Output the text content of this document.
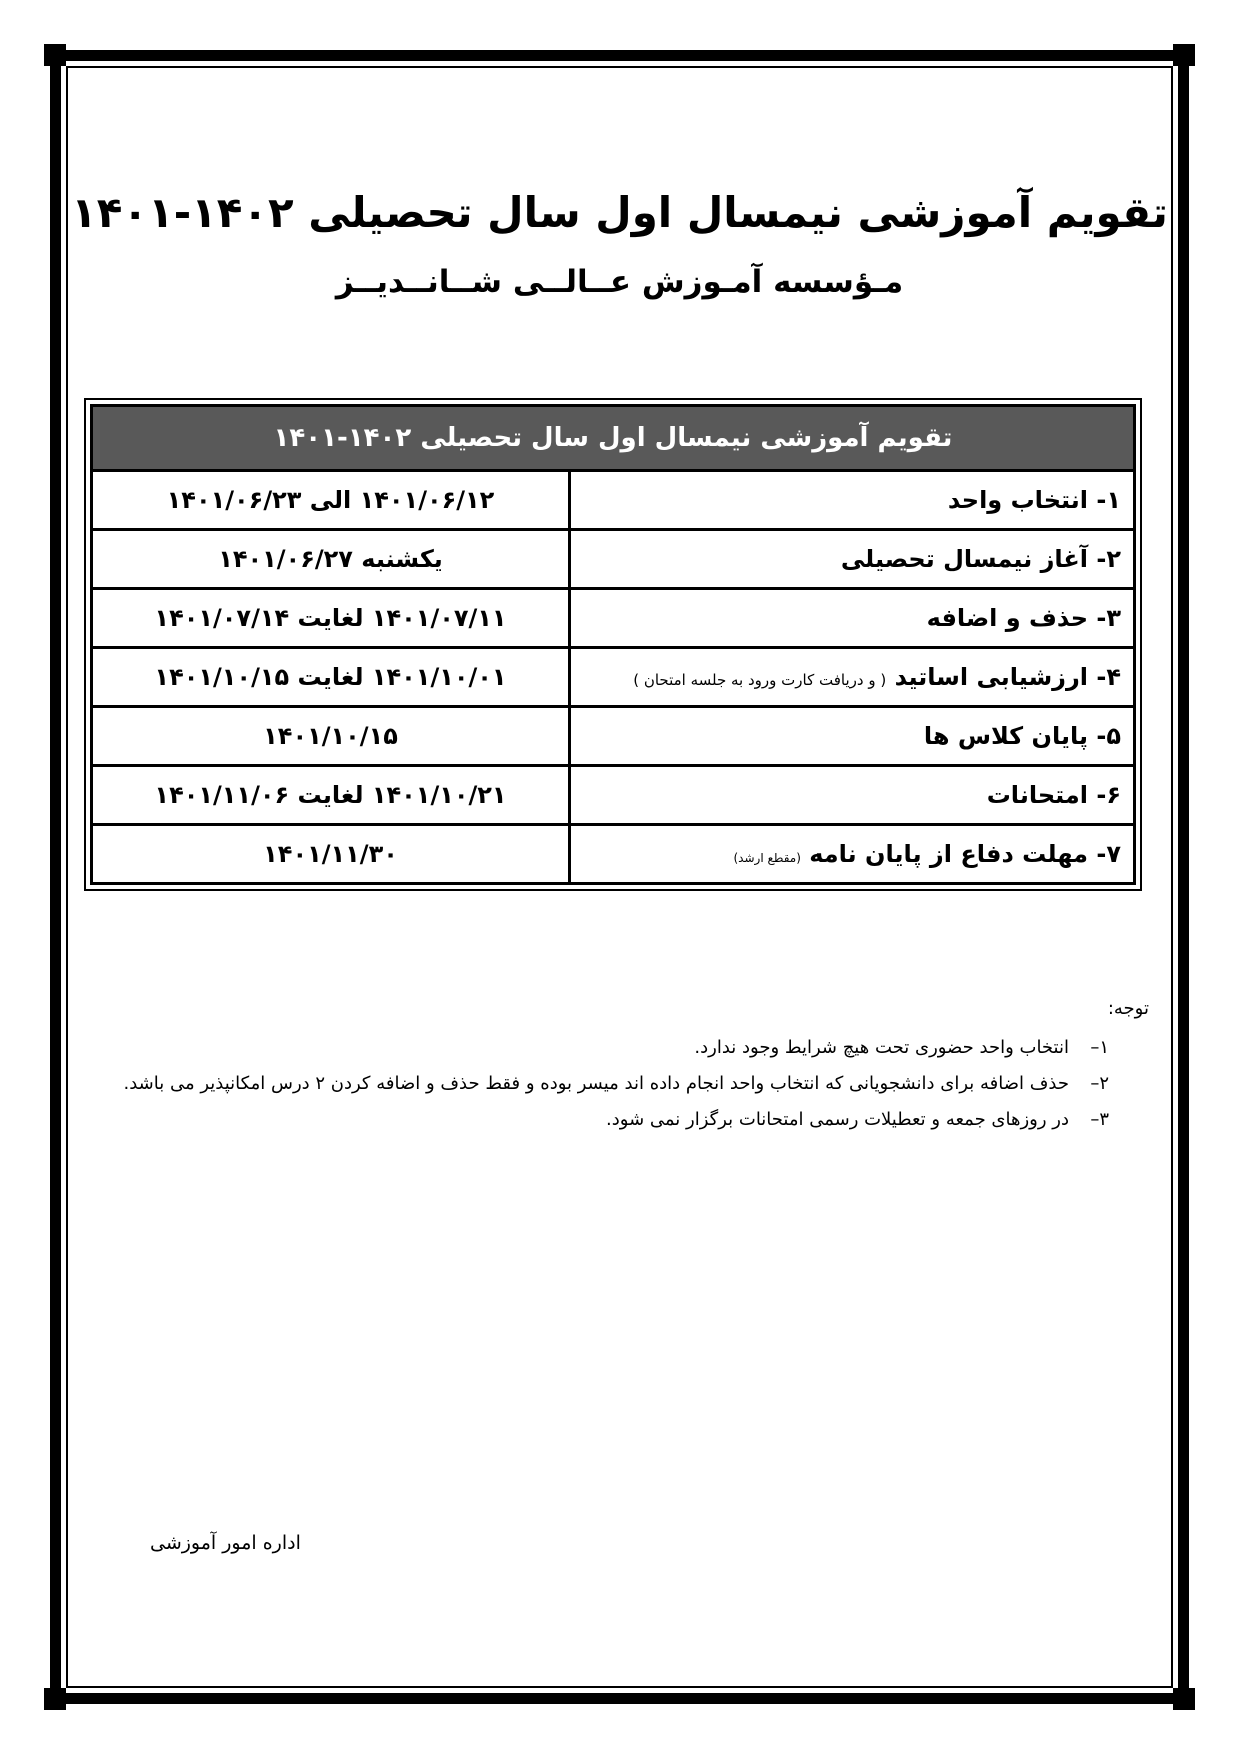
تقویم آموزشی نیمسال اول سال تحصیلی ۱۴۰۲-۱۴۰۱
مـؤسسه آمـوزش عــالــی شــانــدیــز
تقویم آموزشی نیمسال اول سال تحصیلی ۱۴۰۲-۱۴۰۱	
۱- انتخاب واحد	۱۴۰۱/۰۶/۱۲ الی ۱۴۰۱/۰۶/۲۳
۲- آغاز نیمسال تحصیلی	یکشنبه ۱۴۰۱/۰۶/۲۷
۳- حذف و اضافه	۱۴۰۱/۰۷/۱۱ لغایت ۱۴۰۱/۰۷/۱۴
۴- ارزشیابی اساتید ( و دریافت کارت ورود به جلسه امتحان )	۱۴۰۱/۱۰/۰۱ لغایت ۱۴۰۱/۱۰/۱۵
۵- پایان کلاس ها	۱۴۰۱/۱۰/۱۵
۶- امتحانات	۱۴۰۱/۱۰/۲۱ لغایت ۱۴۰۱/۱۱/۰۶
۷- مهلت دفاع از پایان نامه (مقطع ارشد)	۱۴۰۱/۱۱/۳۰
توجه:
۱–
انتخاب واحد حضوری تحت هیچ شرایط وجود ندارد.
۲–
حذف اضافه برای دانشجویانی که انتخاب واحد انجام داده اند میسر بوده و فقط حذف و اضافه کردن ۲ درس امکانپذیر می باشد.
۳–
در روزهای جمعه و تعطیلات رسمی امتحانات برگزار نمی شود.
اداره امور آموزشی
